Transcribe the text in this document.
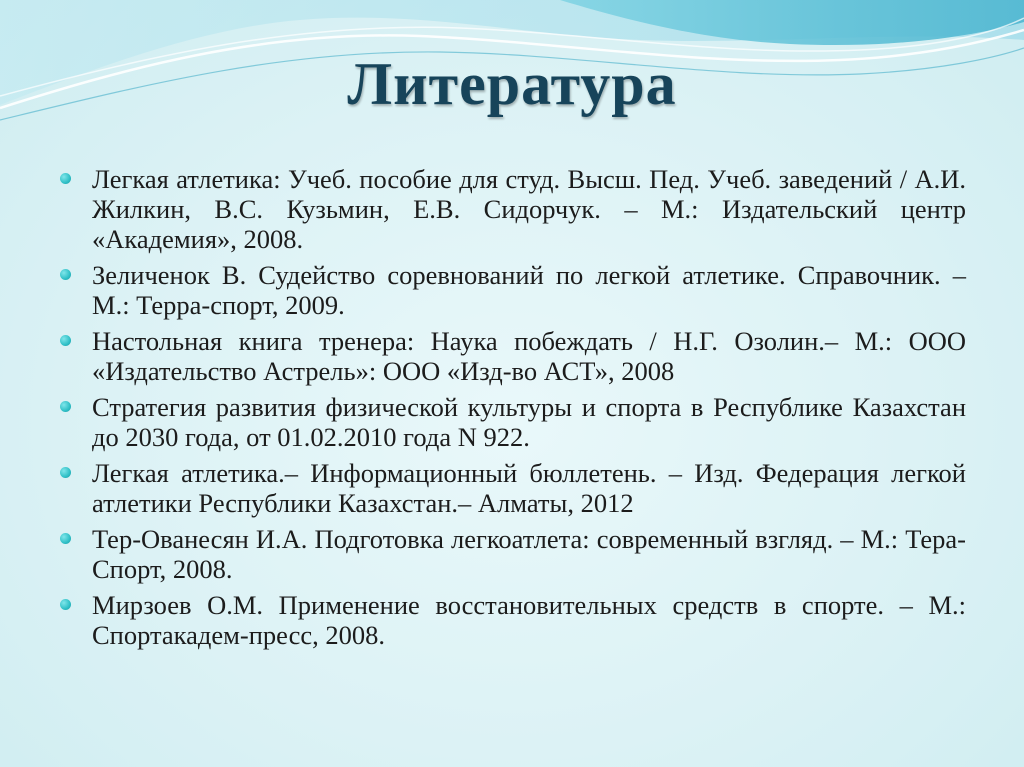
Литература
Легкая атлетика: Учеб. пособие для студ. Высш. Пед. Учеб. заведений / А.И. Жилкин, В.С. Кузьмин, Е.В. Сидорчук. – М.: Издательский центр «Академия», 2008.
Зеличенок В. Судейство соревнований по легкой атлетике. Справочник. – М.: Терра-спорт, 2009.
Настольная книга тренера: Наука побеждать / Н.Г. Озолин.– М.: ООО «Издательство Астрель»: ООО «Изд-во АСТ», 2008
Стратегия развития физической культуры и спорта в Республике Казахстан до 2030 года, от 01.02.2010 года N 922.
Легкая атлетика.– Информационный бюллетень. – Изд. Федерация легкой атлетики Республики Казахстан.– Алматы, 2012
Тер-Ованесян И.А. Подготовка легкоатлета: современный взгляд. – М.: Тера-Спорт, 2008.
Мирзоев О.М. Применение восстановительных средств в спорте. – М.: Спортакадем-пресс, 2008.
